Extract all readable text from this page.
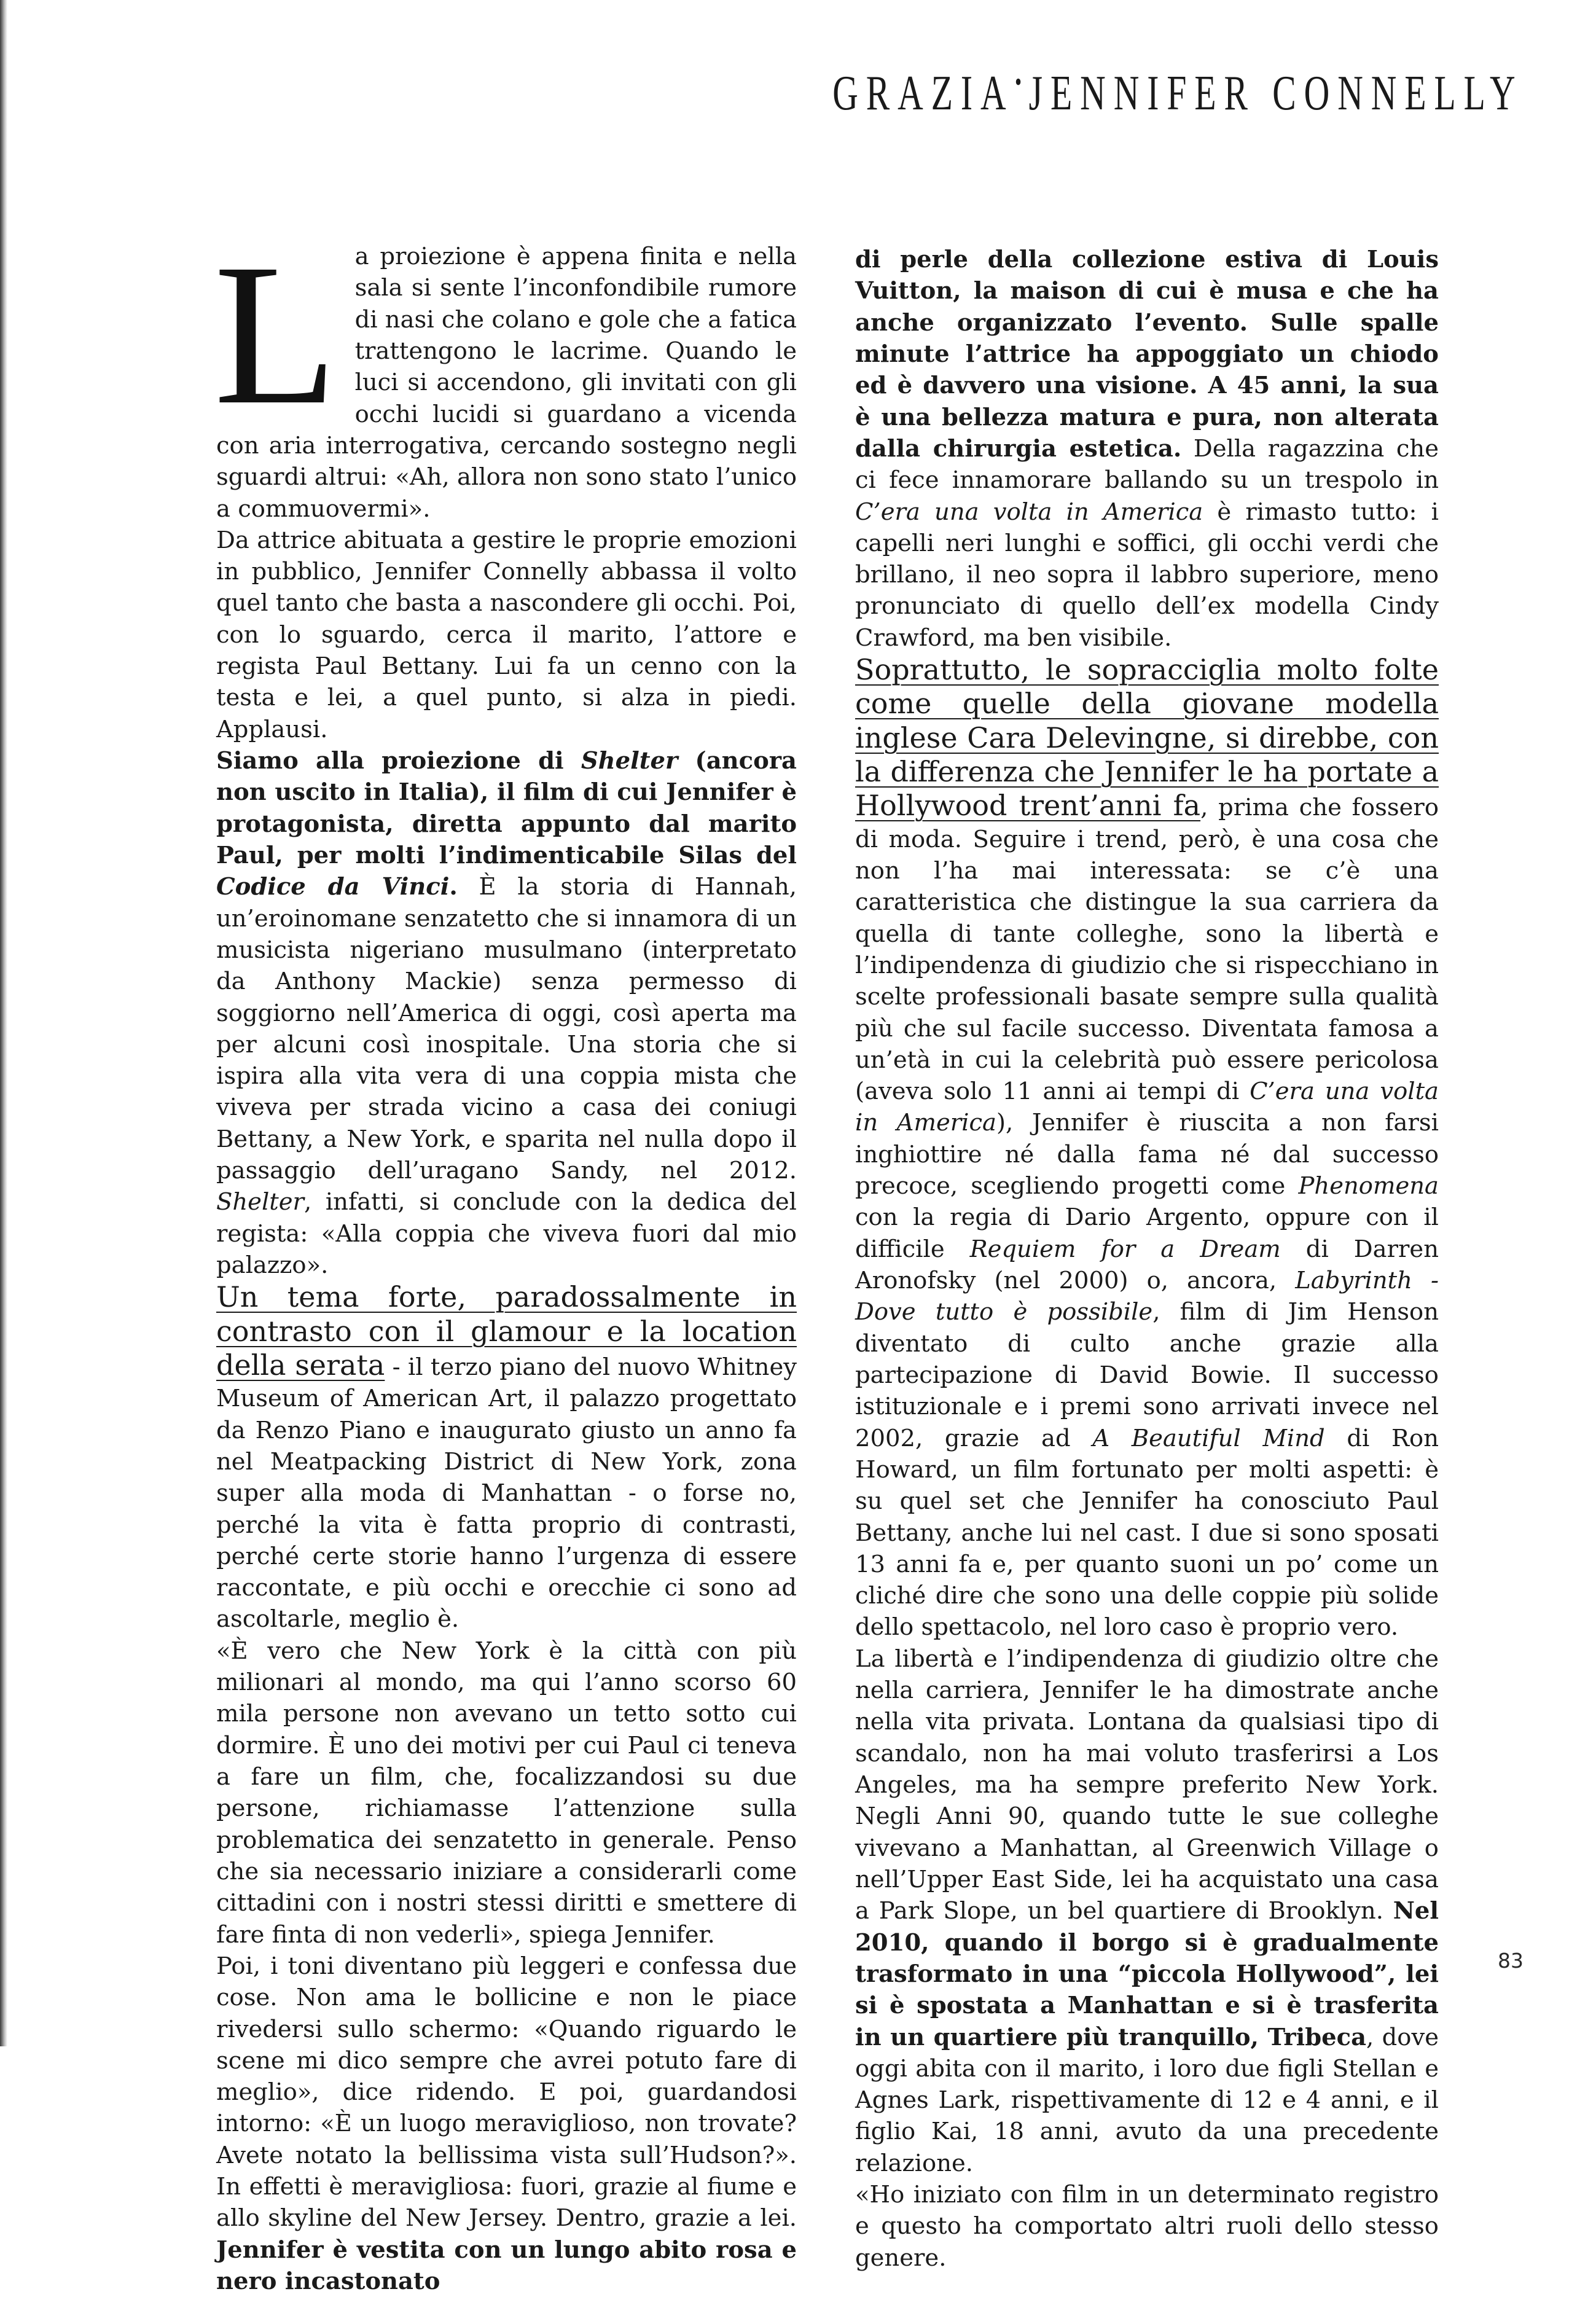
GRAZIA•JENNIFER CONNELLY

La proiezione è appena finita e nella sala si sente l’inconfondibile rumore di nasi che colano e gole che a fatica trattengono le lacrime. Quando le luci si accendono, gli invitati con gli occhi lucidi si guardano a vicenda con aria interrogativa, cercando sostegno negli sguardi altrui: «Ah, allora non sono stato l’unico a commuovermi».

Da attrice abituata a gestire le proprie emozioni in pubblico, Jennifer Connelly abbassa il volto quel tanto che basta a nascondere gli occhi. Poi, con lo sguardo, cerca il marito, l’attore e regista Paul Bettany. Lui fa un cenno con la testa e lei, a quel punto, si alza in piedi. Applausi.

Siamo alla proiezione di Shelter (ancora non uscito in Italia), il film di cui Jennifer è protagonista, diretta appunto dal marito Paul, per molti l’indimenticabile Silas del Codice da Vinci. È la storia di Hannah, un’eroinomane senzatetto che si innamora di un musicista nigeriano musulmano (interpretato da Anthony Mackie) senza permesso di soggiorno nell’America di oggi, così aperta ma per alcuni così inospitale. Una storia che si ispira alla vita vera di una coppia mista che viveva per strada vicino a casa dei coniugi Bettany, a New York, e sparita nel nulla dopo il passaggio dell’uragano Sandy, nel 2012. Shelter, infatti, si conclude con la dedica del regista: «Alla coppia che viveva fuori dal mio palazzo».

Un tema forte, paradossalmente in contrasto con il glamour e la location della serata - il terzo piano del nuovo Whitney Museum of American Art, il palazzo progettato da Renzo Piano e inaugurato giusto un anno fa nel Meatpacking District di New York, zona super alla moda di Manhattan - o forse no, perché la vita è fatta proprio di contrasti, perché certe storie hanno l’urgenza di essere raccontate, e più occhi e orecchie ci sono ad ascoltarle, meglio è.

«È vero che New York è la città con più milionari al mondo, ma qui l’anno scorso 60 mila persone non avevano un tetto sotto cui dormire. È uno dei motivi per cui Paul ci teneva a fare un film, che, focalizzandosi su due persone, richiamasse l’attenzione sulla problematica dei senzatetto in generale. Penso che sia necessario iniziare a considerarli come cittadini con i nostri stessi diritti e smettere di fare finta di non vederli», spiega Jennifer.

Poi, i toni diventano più leggeri e confessa due cose. Non ama le bollicine e non le piace rivedersi sullo schermo: «Quando riguardo le scene mi dico sempre che avrei potuto fare di meglio», dice ridendo. E poi, guardandosi intorno: «È un luogo meraviglioso, non trovate? Avete notato la bellissima vista sull’Hudson?». In effetti è meravigliosa: fuori, grazie al fiume e allo skyline del New Jersey. Dentro, grazie a lei. Jennifer è vestita con un lungo abito rosa e nero incastonato

di perle della collezione estiva di Louis Vuitton, la maison di cui è musa e che ha anche organizzato l’evento. Sulle spalle minute l’attrice ha appoggiato un chiodo ed è davvero una visione. A 45 anni, la sua è una bellezza matura e pura, non alterata dalla chirurgia estetica. Della ragazzina che ci fece innamorare ballando su un trespolo in C’era una volta in America è rimasto tutto: i capelli neri lunghi e soffici, gli occhi verdi che brillano, il neo sopra il labbro superiore, meno pronunciato di quello dell’ex modella Cindy Crawford, ma ben visibile.

Soprattutto, le sopracciglia molto folte come quelle della giovane modella inglese Cara Delevingne, si direbbe, con la differenza che Jennifer le ha portate a Hollywood trent’anni fa, prima che fossero di moda. Seguire i trend, però, è una cosa che non l’ha mai interessata: se c’è una caratteristica che distingue la sua carriera da quella di tante colleghe, sono la libertà e l’indipendenza di giudizio che si rispecchiano in scelte professionali basate sempre sulla qualità più che sul facile successo. Diventata famosa a un’età in cui la celebrità può essere pericolosa (aveva solo 11 anni ai tempi di C’era una volta in America), Jennifer è riuscita a non farsi inghiottire né dalla fama né dal successo precoce, scegliendo progetti come Phenomena con la regia di Dario Argento, oppure con il difficile Requiem for a Dream di Darren Aronofsky (nel 2000) o, ancora, Labyrinth - Dove tutto è possibile, film di Jim Henson diventato di culto anche grazie alla partecipazione di David Bowie. Il successo istituzionale e i premi sono arrivati invece nel 2002, grazie ad A Beautiful Mind di Ron Howard, un film fortunato per molti aspetti: è su quel set che Jennifer ha conosciuto Paul Bettany, anche lui nel cast. I due si sono sposati 13 anni fa e, per quanto suoni un po’ come un cliché dire che sono una delle coppie più solide dello spettacolo, nel loro caso è proprio vero.

La libertà e l’indipendenza di giudizio oltre che nella carriera, Jennifer le ha dimostrate anche nella vita privata. Lontana da qualsiasi tipo di scandalo, non ha mai voluto trasferirsi a Los Angeles, ma ha sempre preferito New York. Negli Anni 90, quando tutte le sue colleghe vivevano a Manhattan, al Greenwich Village o nell’Upper East Side, lei ha acquistato una casa a Park Slope, un bel quartiere di Brooklyn. Nel 2010, quando il borgo si è gradualmente trasformato in una “piccola Hollywood”, lei si è spostata a Manhattan e si è trasferita in un quartiere più tranquillo, Tribeca, dove oggi abita con il marito, i loro due figli Stellan e Agnes Lark, rispettivamente di 12 e 4 anni, e il figlio Kai, 18 anni, avuto da una precedente relazione.

«Ho iniziato con film in un determinato registro e questo ha comportato altri ruoli dello stesso genere.

83
